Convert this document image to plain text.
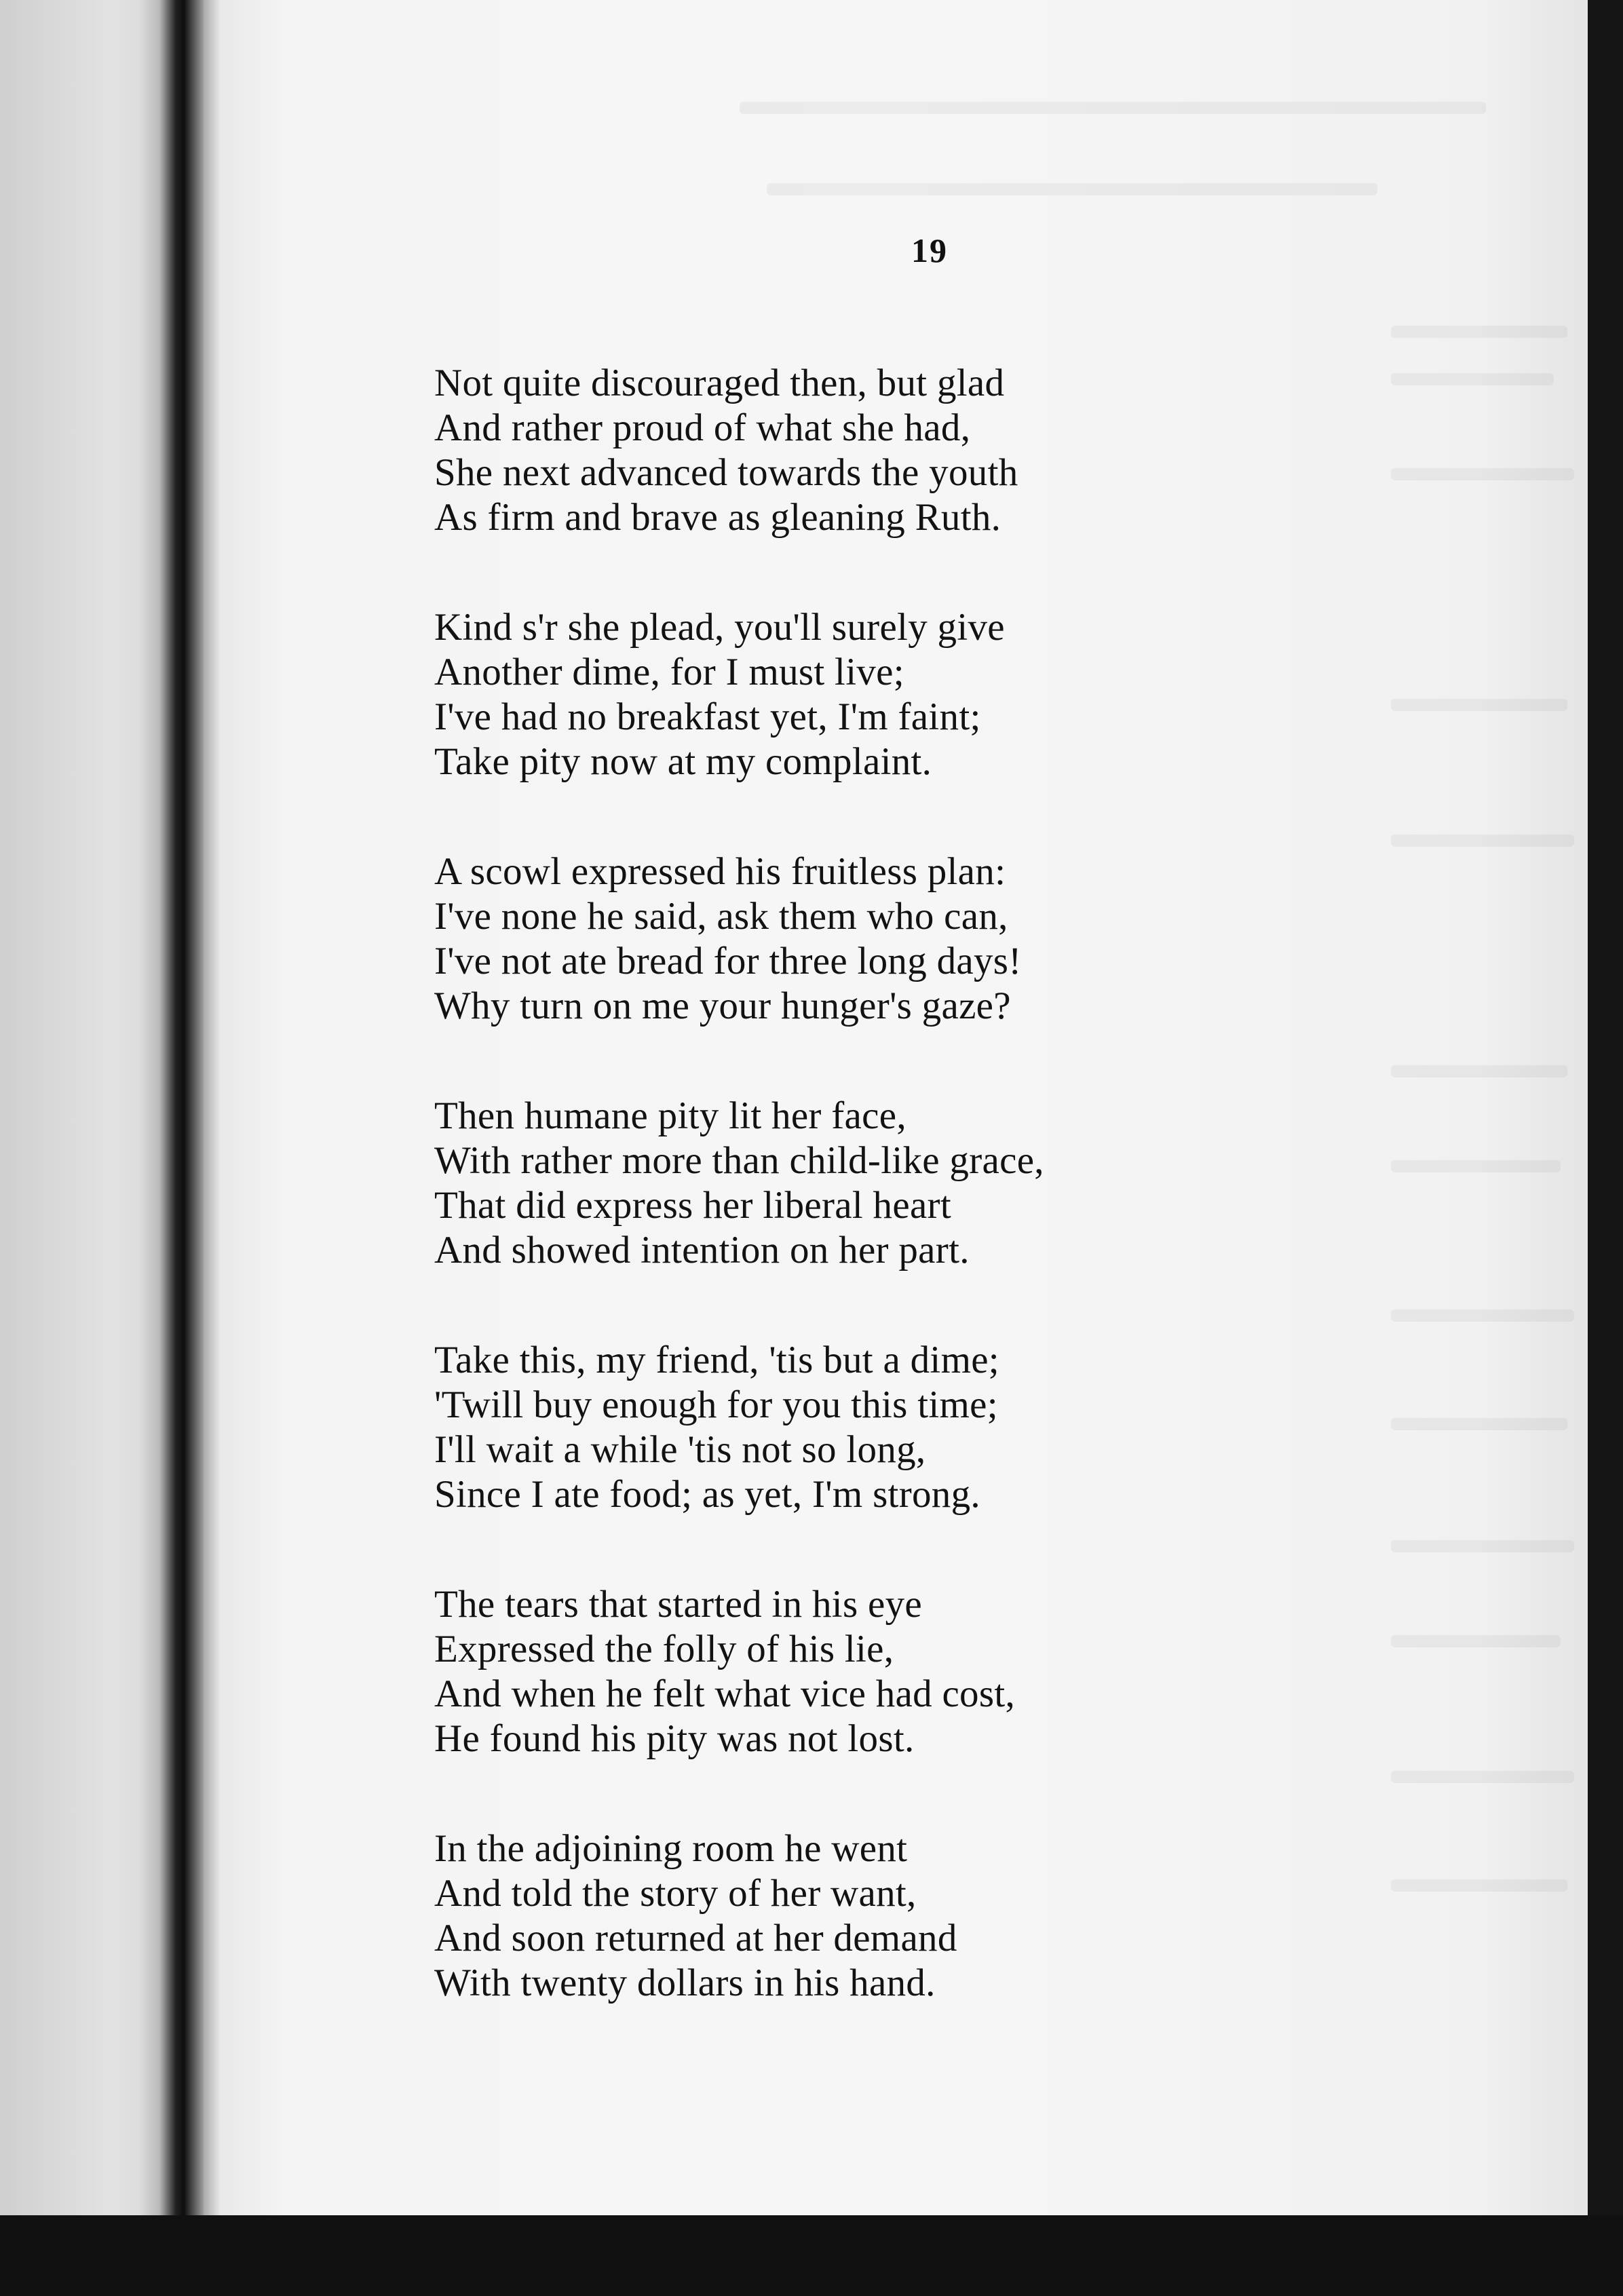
19
Not quite discouraged then, but glad
And rather proud of what she had,
She next advanced towards the youth
As firm and brave as gleaning Ruth.
Kind s'r she plead, you'll surely give
Another dime, for I must live;
I've had no breakfast yet, I'm faint;
Take pity now at my complaint.
A scowl expressed his fruitless plan:
I've none he said, ask them who can,
I've not ate bread for three long days!
Why turn on me your hunger's gaze?
Then humane pity lit her face,
With rather more than child-like grace,
That did express her liberal heart
And showed intention on her part.
Take this, my friend, 'tis but a dime;
'Twill buy enough for you this time;
I'll wait a while 'tis not so long,
Since I ate food; as yet, I'm strong.
The tears that started in his eye
Expressed the folly of his lie,
And when he felt what vice had cost,
He found his pity was not lost.
In the adjoining room he went
And told the story of her want,
And soon returned at her demand
With twenty dollars in his hand.
